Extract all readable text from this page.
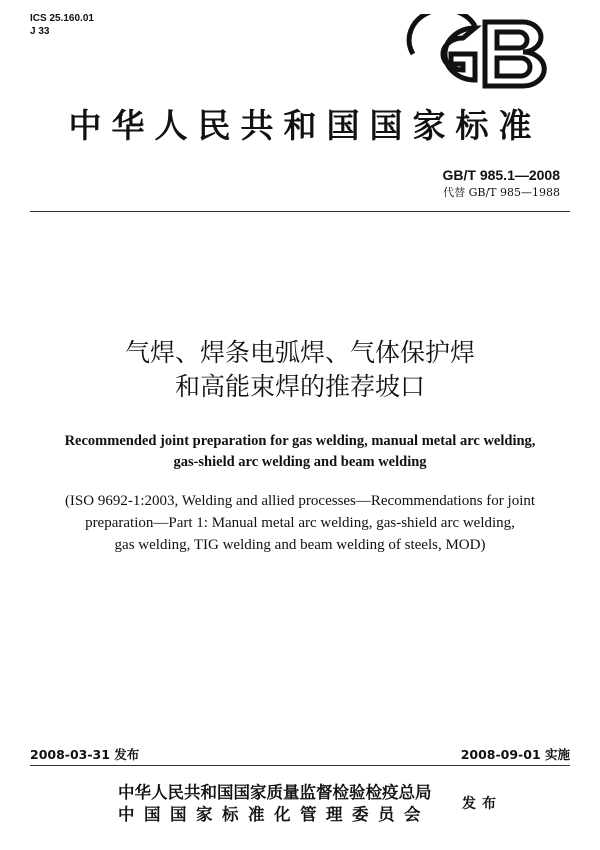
ICS 25.160.01
J 33
中华人民共和国国家标准
GB/T 985.1—2008
代替 GB/T 985—1988
气焊、焊条电弧焊、气体保护焊
和高能束焊的推荐坡口
Recommended joint preparation for gas welding, manual metal arc welding,
gas-shield arc welding and beam welding
(ISO 9692-1:2003, Welding and allied processes—Recommendations for joint
preparation—Part 1: Manual metal arc welding, gas-shield arc welding,
gas welding, TIG welding and beam welding of steels, MOD)
2008-03-31 发布	2008-09-01 实施
中华人民共和国国家质量监督检验检疫总局
中国国家标准化管理委员会
发布
